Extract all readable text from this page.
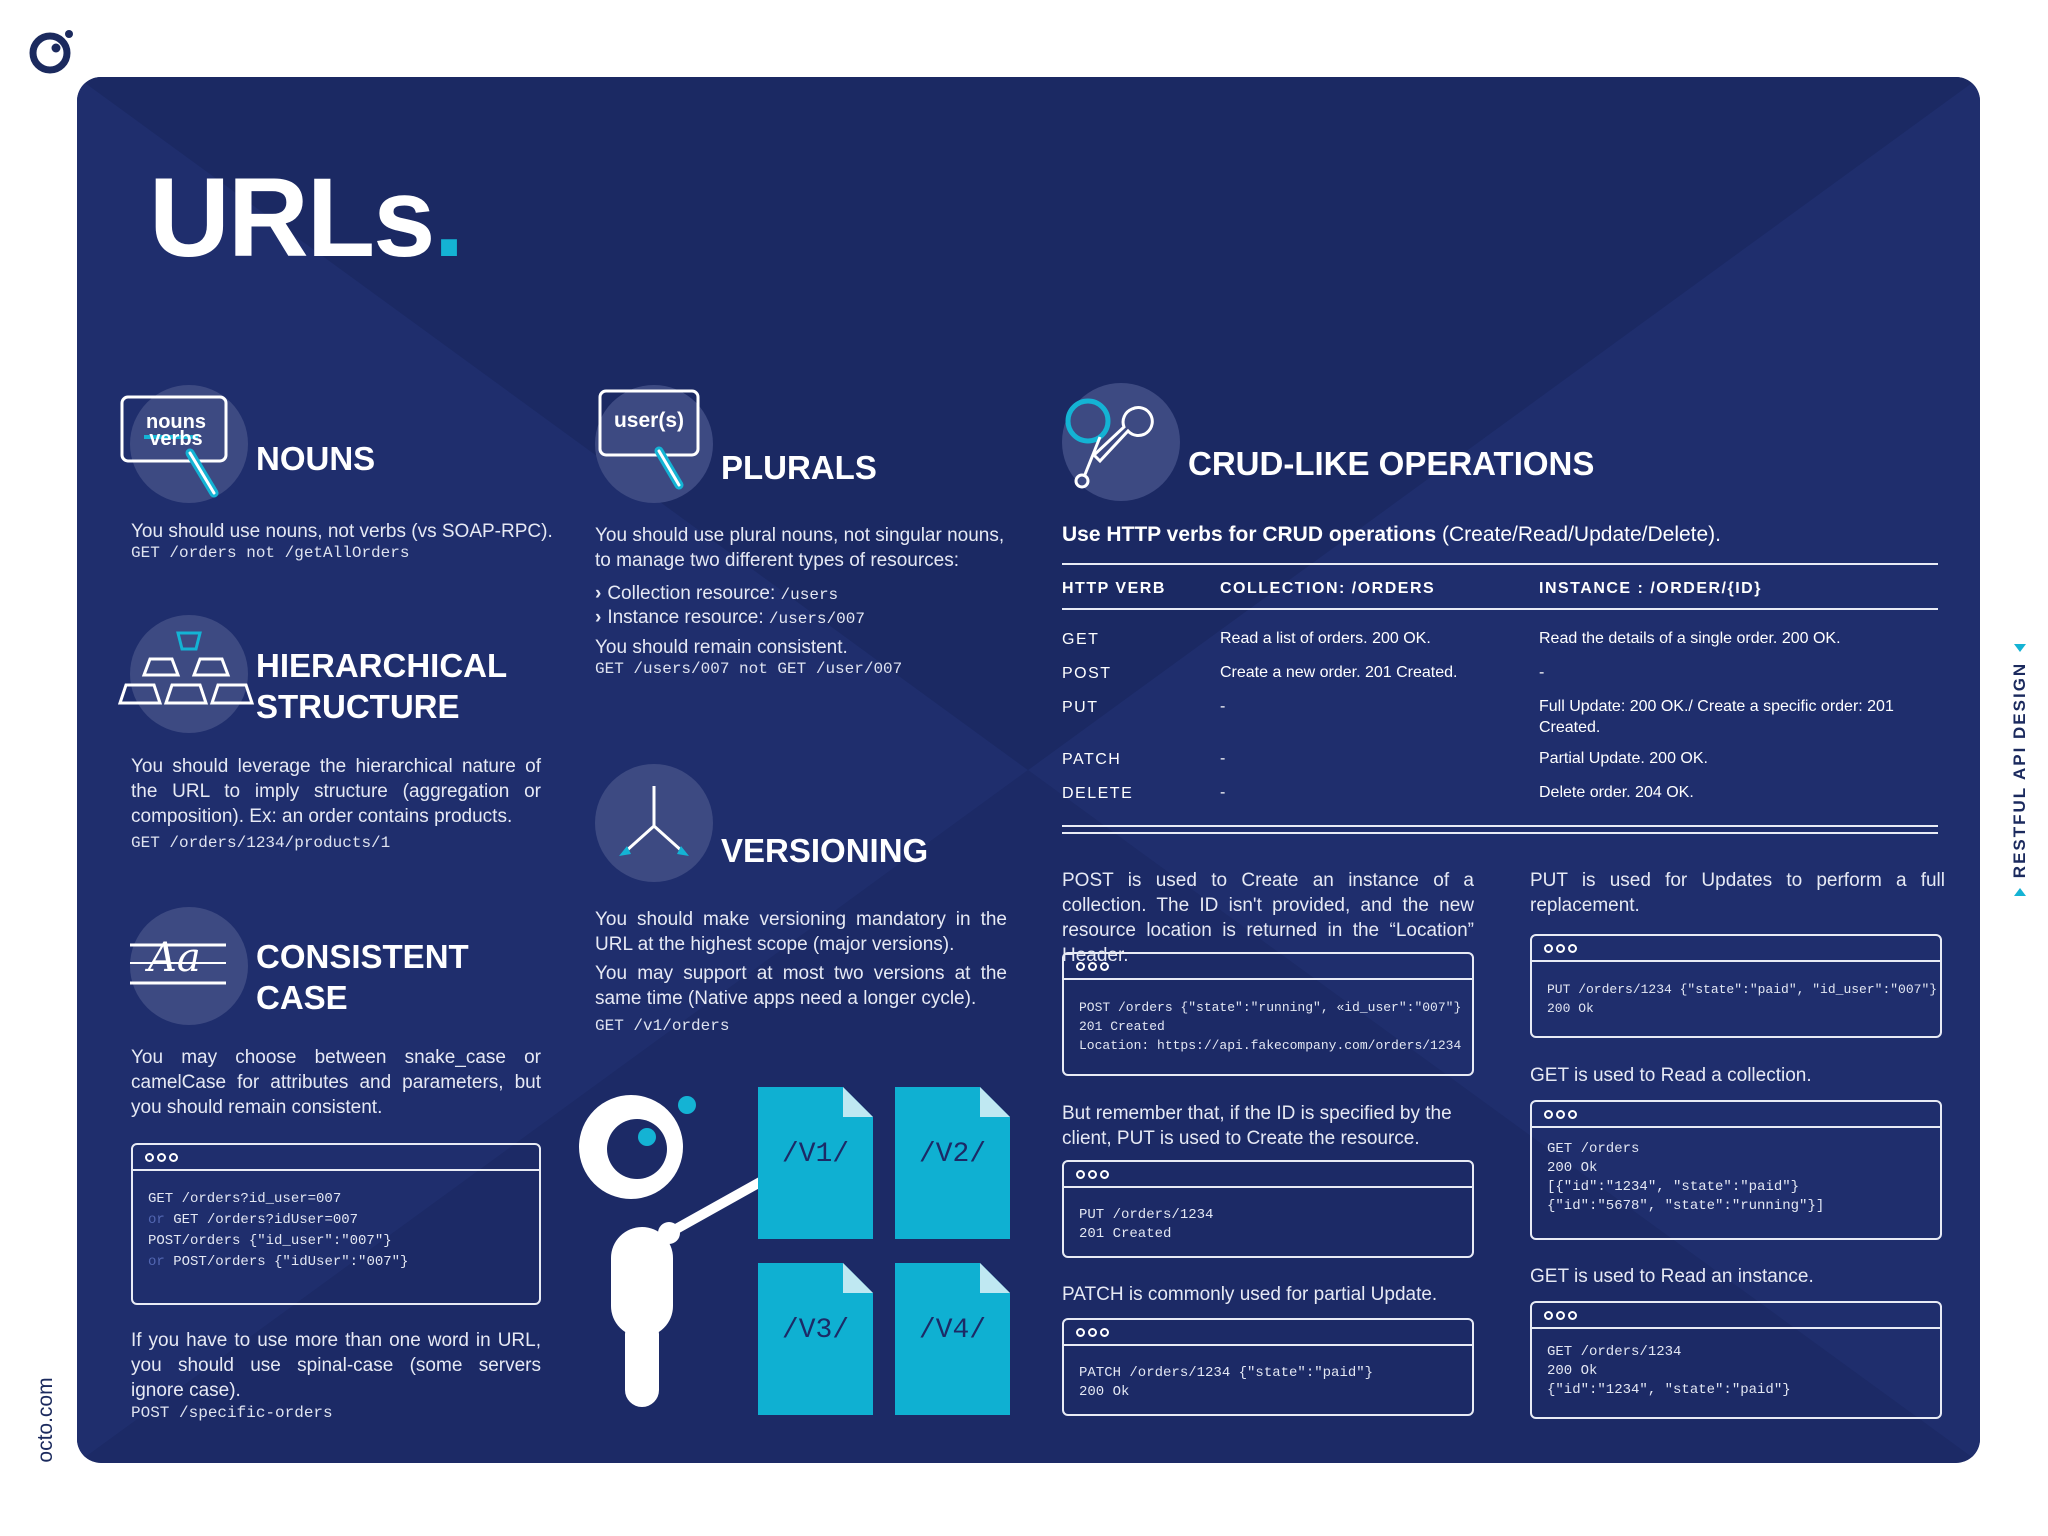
octo.com
RESTFUL API DESIGN
URLs.
nouns
verbs
NOUNS
You should use nouns, not verbs (vs SOAP-RPC).
GET /orders not /getAllOrders
HIERARCHICAL
STRUCTURE
You should leverage the hierarchical nature of the URL to imply structure (aggregation or composition). Ex: an order contains products.
GET /orders/1234/products/1
Aa CONSISTENT
CASE
You may choose between snake_case or camelCase for attributes and parameters, but you should remain consistent.
GET /orders?id_user=007
or GET /orders?idUser=007
POST/orders {"id_user":"007"}
or POST/orders {"idUser":"007"}
If you have to use more than one word in URL, you should use spinal-case (some servers ignore case).
POST /specific-orders
user(s)
PLURALS
You should use plural nouns, not singular nouns, to manage two different types of resources:
› Collection resource: /users
› Instance resource: /users/007
You should remain consistent.
GET /users/007 not GET /user/007
VERSIONING
You should make versioning mandatory in the URL at the highest scope (major versions).
You may support at most two versions at the same time (Native apps need a longer cycle).
GET /v1/orders
/V1/	/V2/
/V3/	/V4/
CRUD-LIKE OPERATIONS
Use HTTP verbs for CRUD operations (Create/Read/Update/Delete).
HTTP VERB	COLLECTION: /ORDERS	INSTANCE : /ORDER/{ID}
GET	Read a list of orders. 200 OK.	Read the details of a single order. 200 OK.
POST	Create a new order. 201 Created.	-
PUT	-	Full Update: 200 OK./ Create a specific order: 201 Created.
PATCH	-	Partial Update. 200 OK.
DELETE	-	Delete order. 204 OK.
POST is used to Create an instance of a collection. The ID isn't provided, and the new resource location is returned in the “Location” Header.
POST /orders {"state":"running", «id_user":"007"}
201 Created
Location: https://api.fakecompany.com/orders/1234
But remember that, if the ID is specified by the client, PUT is used to Create the resource.
PUT /orders/1234
201 Created
PATCH is commonly used for partial Update.
PATCH /orders/1234 {"state":"paid"}
200 Ok
PUT is used for Updates to perform a full replacement.
PUT /orders/1234 {"state":"paid", "id_user":"007"}
200 Ok
GET is used to Read a collection.
GET /orders
200 Ok
[{"id":"1234", "state":"paid"}
{"id":"5678", "state":"running"}]
GET is used to Read an instance.
GET /orders/1234
200 Ok
{"id":"1234", "state":"paid"}
